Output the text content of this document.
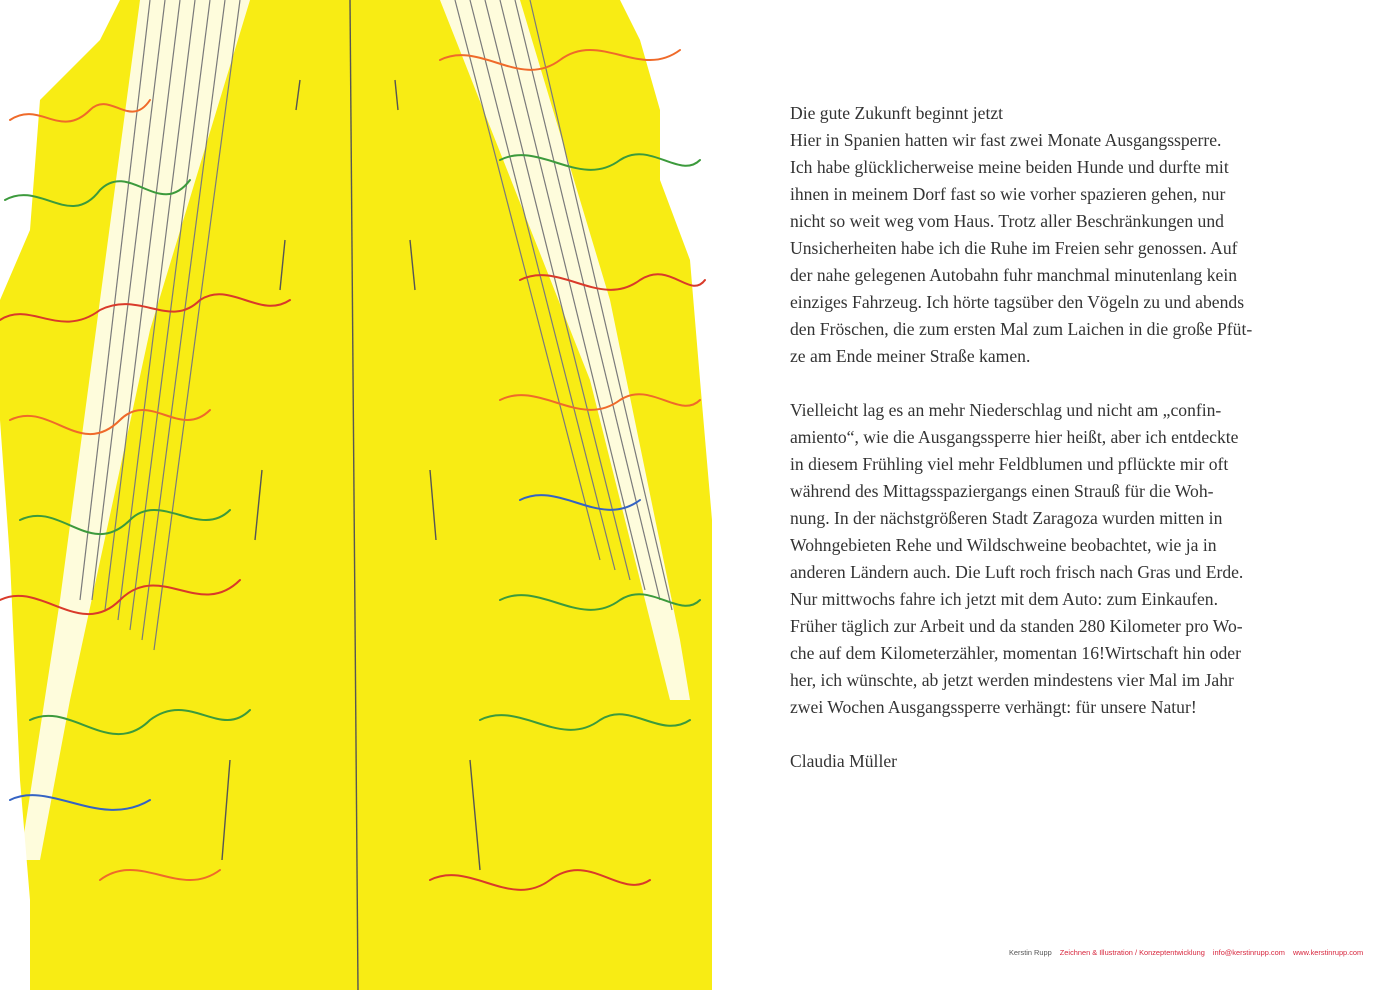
Die gute Zukunft beginnt jetzt

Hier in Spanien hatten wir fast zwei Monate Ausgangssperre.

Ich habe glücklicherweise meine beiden Hunde und durfte mit

ihnen in meinem Dorf fast so wie vorher spazieren gehen, nur

nicht so weit weg vom Haus. Trotz aller Beschränkungen und

Unsicherheiten habe ich die Ruhe im Freien sehr genossen. Auf

der nahe gelegenen Autobahn fuhr manchmal minutenlang kein

einziges Fahrzeug. Ich hörte tagsüber den Vögeln zu und abends

den Fröschen, die zum ersten Mal zum Laichen in die große Pfüt-

ze am Ende meiner Straße kamen.

Vielleicht lag es an mehr Niederschlag und nicht am „confin-

amiento“, wie die Ausgangssperre hier heißt, aber ich entdeckte

in diesem Frühling viel mehr Feldblumen und pflückte mir oft

während des Mittagsspaziergangs einen Strauß für die Woh-

nung. In der nächstgrößeren Stadt Zaragoza wurden mitten in

Wohngebieten Rehe und Wildschweine beobachtet, wie ja in

anderen Ländern auch. Die Luft roch frisch nach Gras und Erde.

Nur mittwochs fahre ich jetzt mit dem Auto: zum Einkaufen.

Früher täglich zur Arbeit und da standen 280 Kilometer pro Wo-

che auf dem Kilometerzähler, momentan 16!Wirtschaft hin oder

her, ich wünschte, ab jetzt werden mindestens vier Mal im Jahr

zwei Wochen Ausgangssperre verhängt: für unsere Natur!

Claudia Müller

Kerstin Rupp Zeichnen & Illustration / Konzeptentwicklung info@kerstinrupp.com www.kerstinrupp.com
